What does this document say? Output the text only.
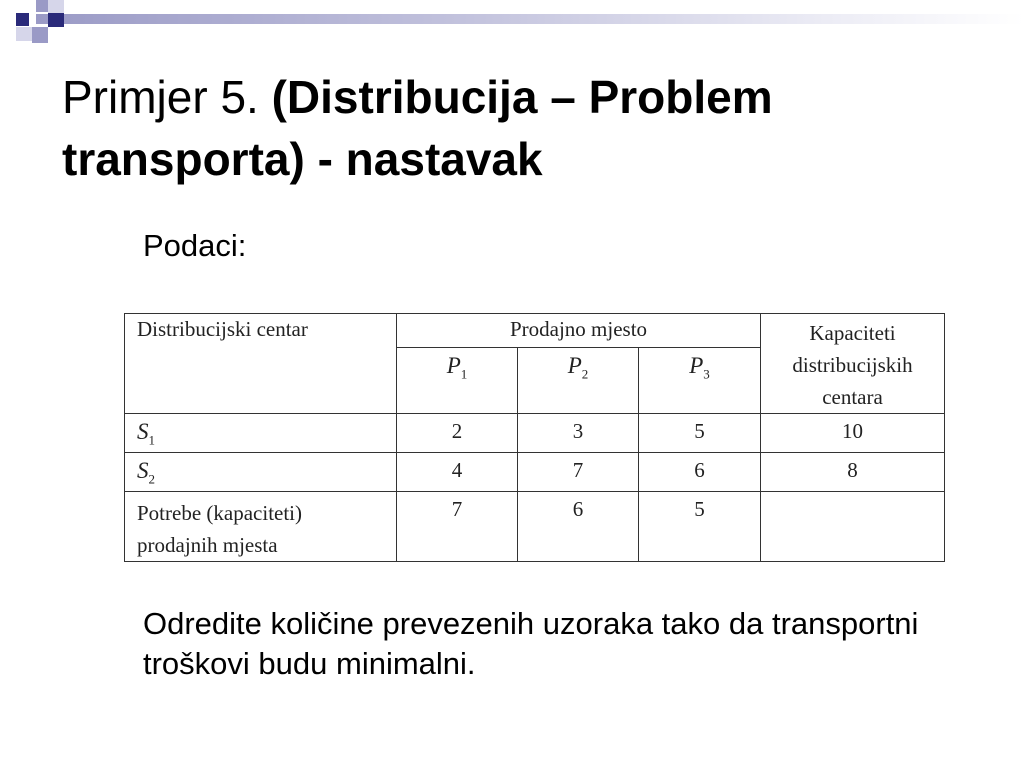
Primjer 5. (Distribucija – Problem transporta) - nastavak

Podaci:

Distribucijski centar	Prodajno mjesto			Kapaciteti distribucijskih centara
	$P_1$	$P_2$	$P_3$
$S_1$	2	3	5	10
$S_2$	4	7	6	8
Potrebe (kapaciteti) prodajnih mjesta	7	6	5	

Odredite količine prevezenih uzoraka tako da transportni troškovi budu minimalni.
